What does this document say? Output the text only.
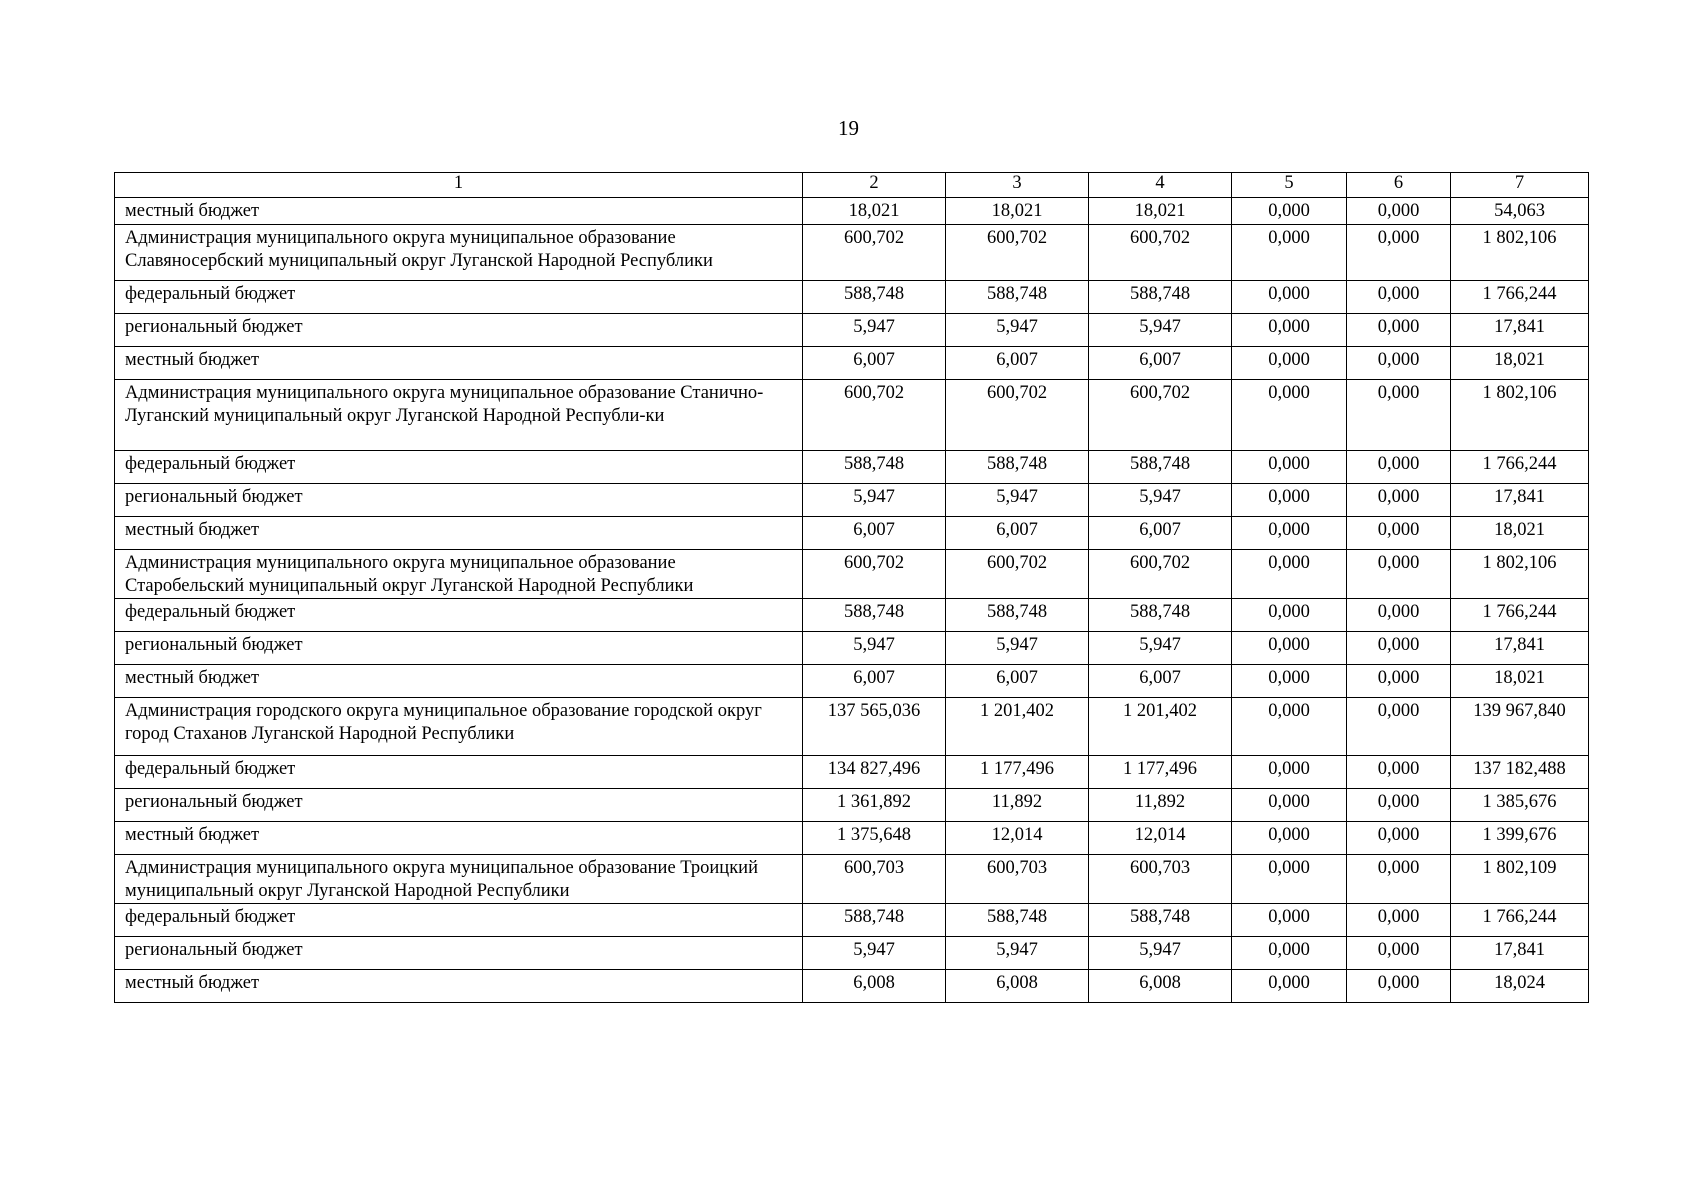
19
1	2	3	4	5	6	7
местный бюджет	18,021	18,021	18,021	0,000	0,000	54,063
Администрация муниципального округа муниципальное образование Славяносербский муниципальный округ Луганской Народной Республики	600,702	600,702	600,702	0,000	0,000	1 802,106
федеральный бюджет	588,748	588,748	588,748	0,000	0,000	1 766,244
региональный бюджет	5,947	5,947	5,947	0,000	0,000	17,841
местный бюджет	6,007	6,007	6,007	0,000	0,000	18,021
Администрация муниципального округа муниципальное образование Станично-Луганский муниципальный округ Луганской Народной Республи-ки	600,702	600,702	600,702	0,000	0,000	1 802,106
федеральный бюджет	588,748	588,748	588,748	0,000	0,000	1 766,244
региональный бюджет	5,947	5,947	5,947	0,000	0,000	17,841
местный бюджет	6,007	6,007	6,007	0,000	0,000	18,021
Администрация муниципального округа муниципальное образование Старобельский муниципальный округ Луганской Народной Республики	600,702	600,702	600,702	0,000	0,000	1 802,106
федеральный бюджет	588,748	588,748	588,748	0,000	0,000	1 766,244
региональный бюджет	5,947	5,947	5,947	0,000	0,000	17,841
местный бюджет	6,007	6,007	6,007	0,000	0,000	18,021
Администрация городского округа муниципальное образование городской округ город Стаханов Луганской Народной Республики	137 565,036	1 201,402	1 201,402	0,000	0,000	139 967,840
федеральный бюджет	134 827,496	1 177,496	1 177,496	0,000	0,000	137 182,488
региональный бюджет	1 361,892	11,892	11,892	0,000	0,000	1 385,676
местный бюджет	1 375,648	12,014	12,014	0,000	0,000	1 399,676
Администрация муниципального округа муниципальное образование Троицкий муниципальный округ Луганской Народной Республики	600,703	600,703	600,703	0,000	0,000	1 802,109
федеральный бюджет	588,748	588,748	588,748	0,000	0,000	1 766,244
региональный бюджет	5,947	5,947	5,947	0,000	0,000	17,841
местный бюджет	6,008	6,008	6,008	0,000	0,000	18,024
